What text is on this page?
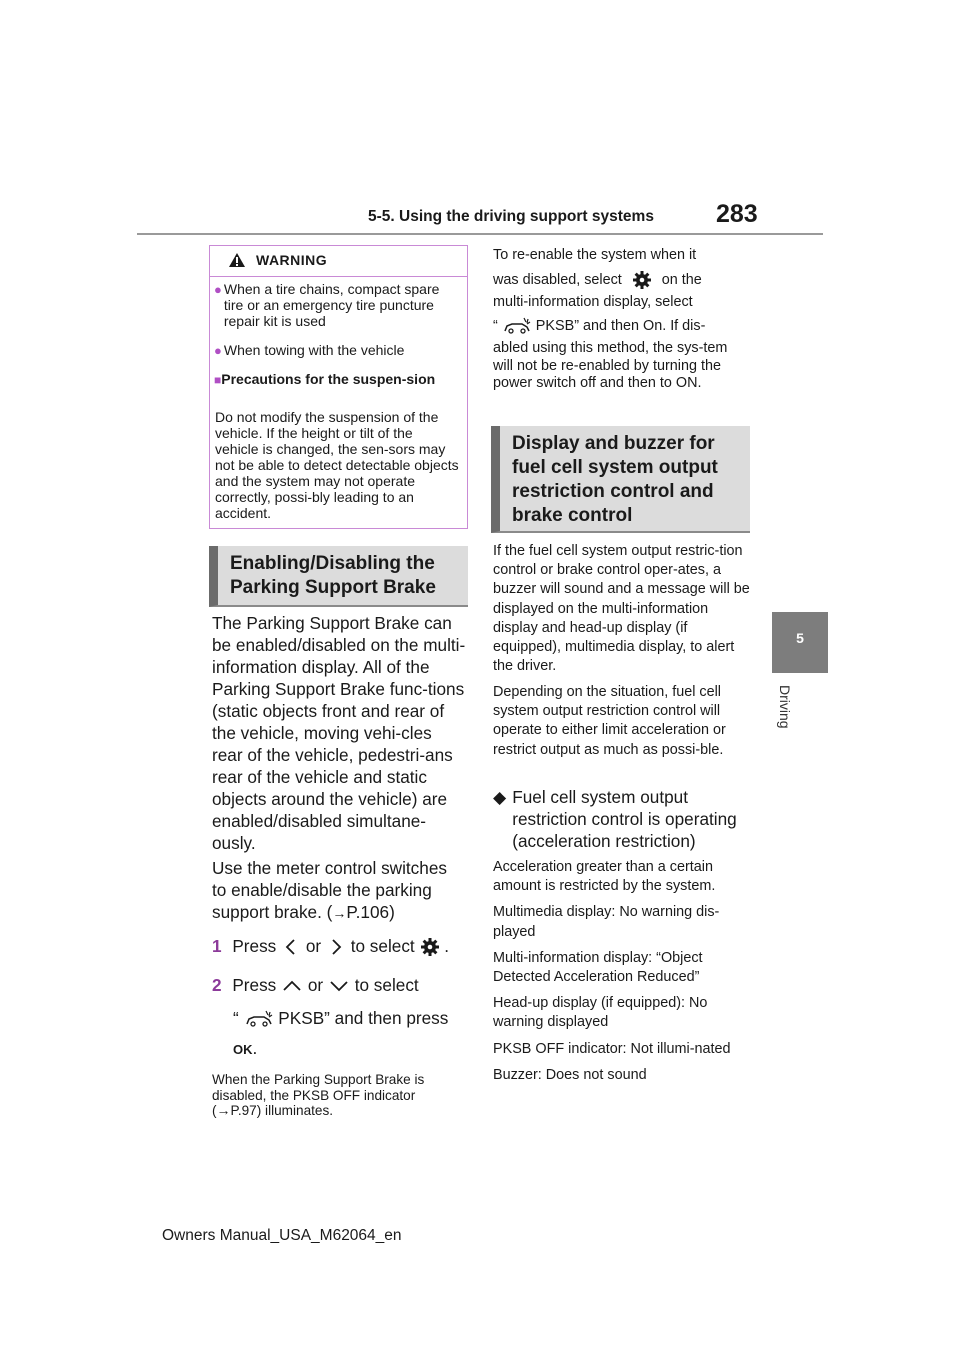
5-5. Using the driving support systems 283
5
Driving
WARNING
● When a tire chains, compact spare tire or an emergency tire puncture repair kit is used
● When towing with the vehicle
■Precautions for the suspen-sion
Do not modify the suspension of the vehicle. If the height or tilt of the vehicle is changed, the sen-sors may not be able to detect detectable objects and the system may not operate correctly, possi-bly leading to an accident.
Enabling/Disabling the Parking Support Brake
The Parking Support Brake can be enabled/disabled on the multi-information display. All of the Parking Support Brake func-tions (static objects front and rear of the vehicle, moving vehi-cles rear of the vehicle, pedestri-ans rear of the vehicle and static objects around the vehicle) are enabled/disabled simultane-ously.
Use the meter control switches to enable/disable the parking support brake. (→P.106)
1 Press or to select .
2 Press or to select
“ PKSB” and then press
OK.
When the Parking Support Brake is disabled, the PKSB OFF indicator (→P.97) illuminates.
To re-enable the system when it
was disabled, select	on the
multi-information display, select
“	PKSB” and then On. If dis-
abled using this method, the sys-tem will not be re-enabled by turning the power switch off and then to ON.
Display and buzzer for fuel cell system output restriction control and brake control
If the fuel cell system output restric-tion control or brake control oper-ates, a buzzer will sound and a message will be displayed on the multi-information display and head-up display (if equipped), multimedia display, to alert the driver.
Depending on the situation, fuel cell system output restriction control will operate to either limit acceleration or restrict output as much as possi-ble.
◆ Fuel cell system output restriction control is operating (acceleration restriction)
Acceleration greater than a certain amount is restricted by the system.
Multimedia display: No warning dis-played
Multi-information display: “Object Detected Acceleration Reduced”
Head-up display (if equipped): No warning displayed
PKSB OFF indicator: Not illumi-nated
Buzzer: Does not sound
Owners Manual_USA_M62064_en
